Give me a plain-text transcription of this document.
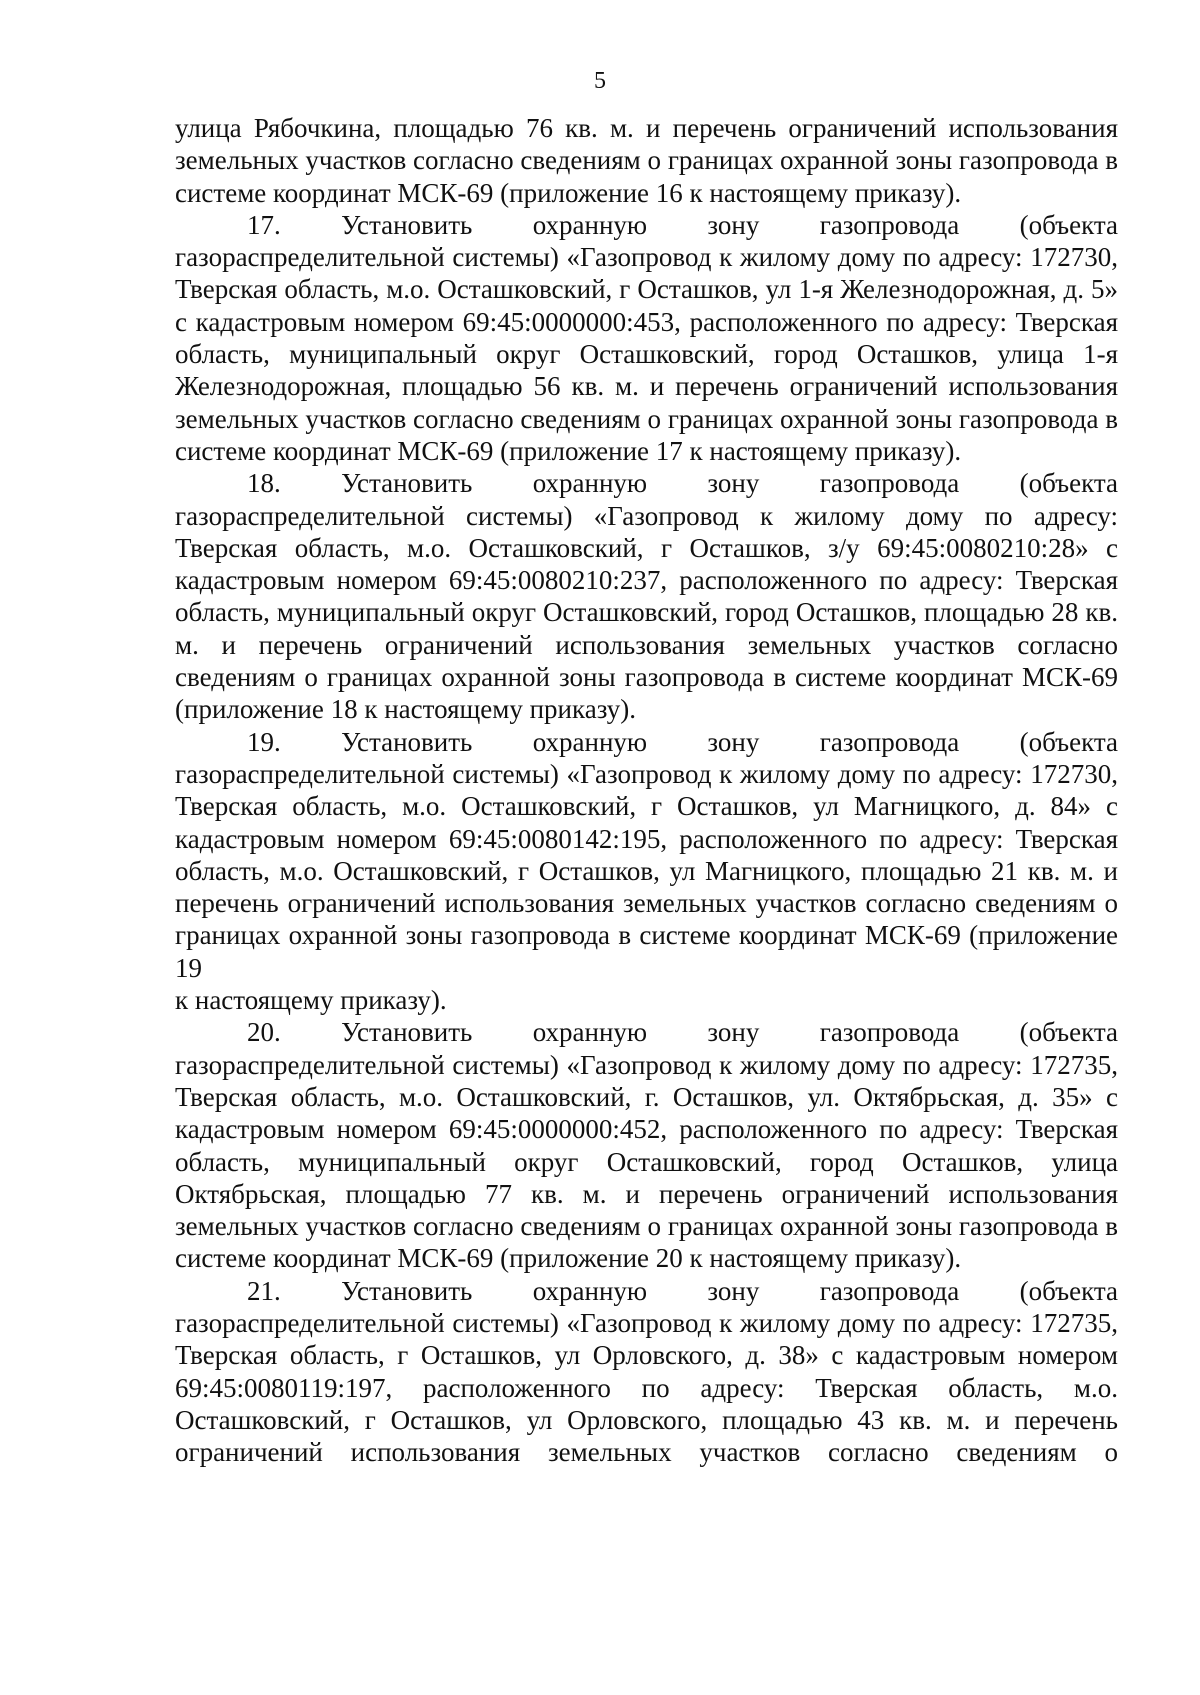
5

улица Рябочкина, площадью 76 кв. м. и перечень ограничений использования земельных участков согласно сведениям о границах охранной зоны газопровода в системе координат МСК-69 (приложение 16 к настоящему приказу).

17. Установить охранную зону газопровода (объекта газораспределительной системы) «Газопровод к жилому дому по адресу: 172730, Тверская область, м.о. Осташковский, г Осташков, ул 1-я Железнодорожная, д. 5» с кадастровым номером 69:45:0000000:453, расположенного по адресу: Тверская область, муниципальный округ Осташковский, город Осташков, улица 1-я Железнодорожная, площадью 56 кв. м. и перечень ограничений использования земельных участков согласно сведениям о границах охранной зоны газопровода в системе координат МСК-69 (приложение 17 к настоящему приказу).

18. Установить охранную зону газопровода (объекта газораспределительной системы) «Газопровод к жилому дому по адресу: Тверская область, м.о. Осташковский, г Осташков, з/у 69:45:0080210:28» с кадастровым номером 69:45:0080210:237, расположенного по адресу: Тверская область, муниципальный округ Осташковский, город Осташков, площадью 28 кв. м. и перечень ограничений использования земельных участков согласно сведениям о границах охранной зоны газопровода в системе координат МСК-69 (приложение 18 к настоящему приказу).

19. Установить охранную зону газопровода (объекта газораспределительной системы) «Газопровод к жилому дому по адресу: 172730, Тверская область, м.о. Осташковский, г Осташков, ул Магницкого, д. 84» с кадастровым номером 69:45:0080142:195, расположенного по адресу: Тверская область, м.о. Осташковский, г Осташков, ул Магницкого, площадью 21 кв. м. и перечень ограничений использования земельных участков согласно сведениям о границах охранной зоны газопровода в системе координат МСК-69 (приложение 19

к настоящему приказу).

20. Установить охранную зону газопровода (объекта газораспределительной системы) «Газопровод к жилому дому по адресу: 172735, Тверская область, м.о. Осташковский, г. Осташков, ул. Октябрьская, д. 35» с кадастровым номером 69:45:0000000:452, расположенного по адресу: Тверская область, муниципальный округ Осташковский, город Осташков, улица Октябрьская, площадью 77 кв. м. и перечень ограничений использования земельных участков согласно сведениям о границах охранной зоны газопровода в системе координат МСК-69 (приложение 20 к настоящему приказу).

21. Установить охранную зону газопровода (объекта газораспределительной системы) «Газопровод к жилому дому по адресу: 172735, Тверская область, г Осташков, ул Орловского, д. 38» с кадастровым номером 69:45:0080119:197, расположенного по адресу: Тверская область, м.о. Осташковский, г Осташков, ул Орловского, площадью 43 кв. м. и перечень ограничений использования земельных участков согласно сведениям о
